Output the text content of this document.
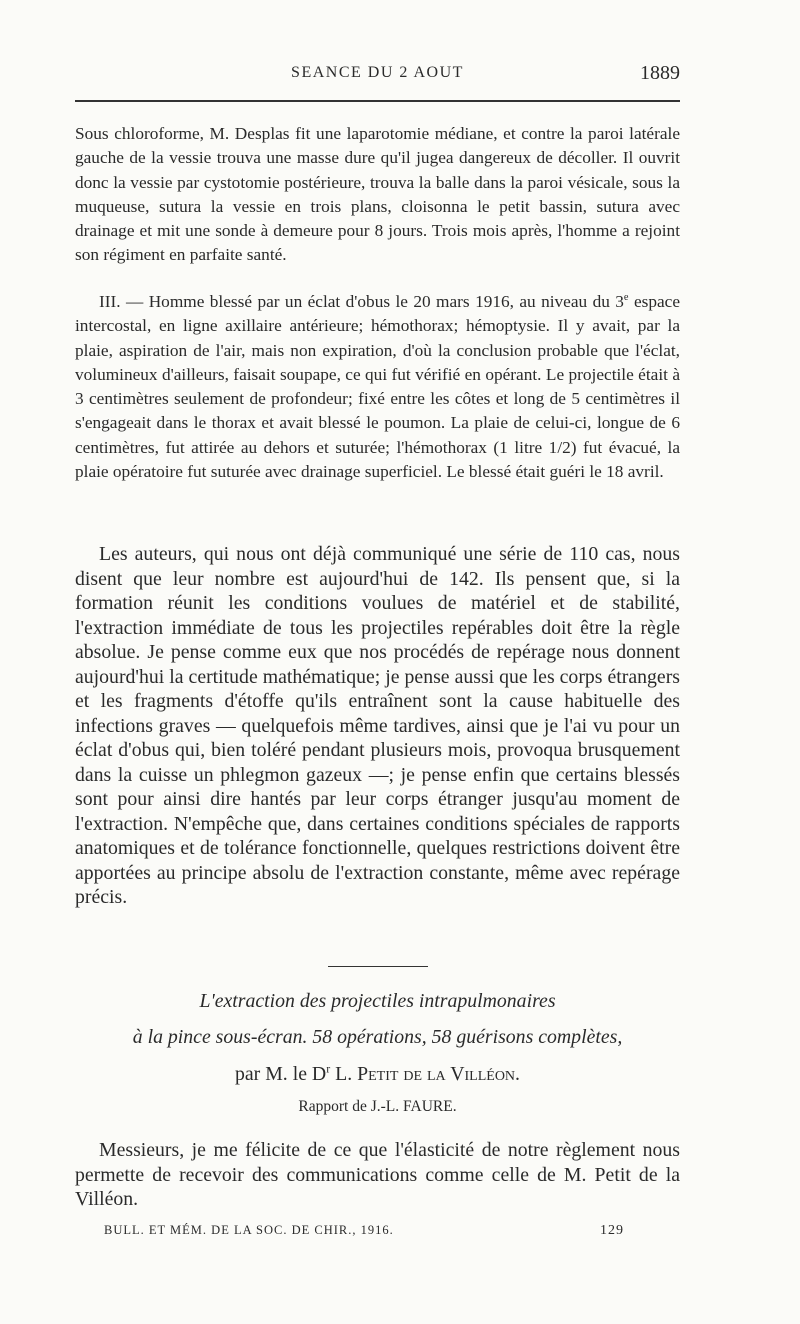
SEANCE DU 2 AOUT	1889

Sous chloroforme, M. Desplas fit une laparotomie médiane, et contre la paroi latérale gauche de la vessie trouva une masse dure qu'il jugea dangereux de décoller. Il ouvrit donc la vessie par cystotomie postérieure, trouva la balle dans la paroi vésicale, sous la muqueuse, sutura la vessie en trois plans, cloisonna le petit bassin, sutura avec drainage et mit une sonde à demeure pour 8 jours. Trois mois après, l'homme a rejoint son régiment en parfaite santé.

III. — Homme blessé par un éclat d'obus le 20 mars 1916, au niveau du 3e espace intercostal, en ligne axillaire antérieure; hémothorax; hémoptysie. Il y avait, par la plaie, aspiration de l'air, mais non expiration, d'où la conclusion probable que l'éclat, volumineux d'ailleurs, faisait soupape, ce qui fut vérifié en opérant. Le projectile était à 3 centimètres seulement de profondeur; fixé entre les côtes et long de 5 centimètres il s'engageait dans le thorax et avait blessé le poumon. La plaie de celui-ci, longue de 6 centimètres, fut attirée au dehors et suturée; l'hémothorax (1 litre 1/2) fut évacué, la plaie opératoire fut suturée avec drainage superficiel. Le blessé était guéri le 18 avril.

Les auteurs, qui nous ont déjà communiqué une série de 110 cas, nous disent que leur nombre est aujourd'hui de 142. Ils pensent que, si la formation réunit les conditions voulues de matériel et de stabilité, l'extraction immédiate de tous les projectiles repérables doit être la règle absolue. Je pense comme eux que nos procédés de repérage nous donnent aujourd'hui la certitude mathématique; je pense aussi que les corps étrangers et les fragments d'étoffe qu'ils entraînent sont la cause habituelle des infections graves — quelquefois même tardives, ainsi que je l'ai vu pour un éclat d'obus qui, bien toléré pendant plusieurs mois, provoqua brusquement dans la cuisse un phlegmon gazeux —; je pense enfin que certains blessés sont pour ainsi dire hantés par leur corps étranger jusqu'au moment de l'extraction. N'empêche que, dans certaines conditions spéciales de rapports anatomiques et de tolérance fonctionnelle, quelques restrictions doivent être apportées au principe absolu de l'extraction constante, même avec repérage précis.

L'extraction des projectiles intrapulmonaires
à la pince sous-écran. 58 opérations, 58 guérisons complètes,
par M. le $D^r$ L. Petit de la Villéon.
Rapport de J.-L. FAURE.

Messieurs, je me félicite de ce que l'élasticité de notre règlement nous permette de recevoir des communications comme celle de M. Petit de la Villéon.

BULL. ET MÉM. DE LA SOC. DE CHIR., 1916.	129
